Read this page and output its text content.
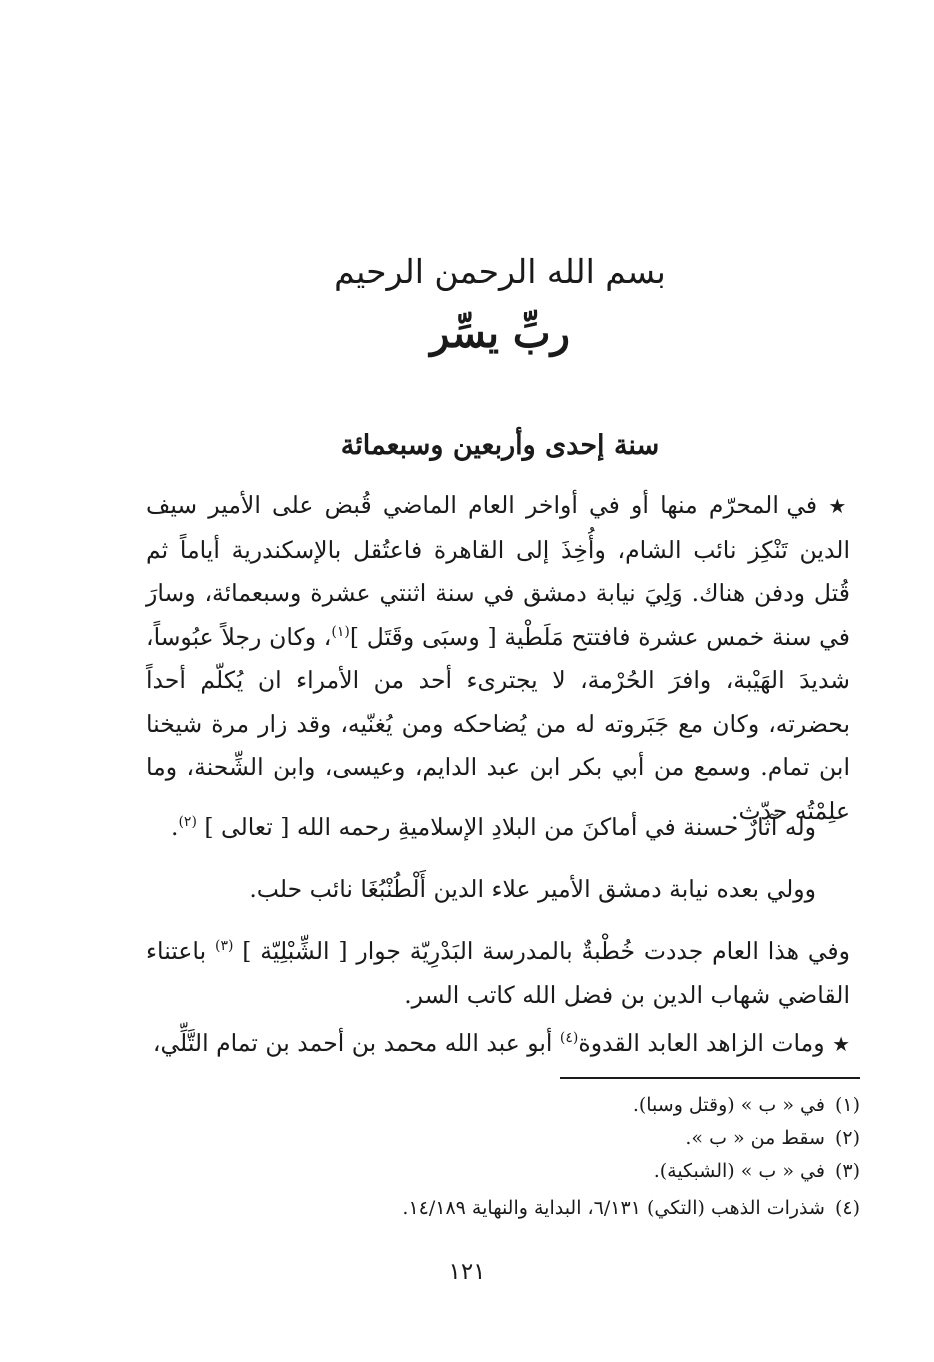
بسم الله الرحمن الرحيم
ربِّ يسِّر
سنة إحدى وأربعين وسبعمائة

★ في المحرّم منها أو في أواخر العام الماضي قُبض على الأمير سيف الدين تَنْكِز نائب الشام، وأُخِذَ إلى القاهرة فاعتُقل بالإسكندرية أياماً ثم قُتل ودفن هناك. وَلِيَ نيابة دمشق في سنة اثنتي عشرة وسبعمائة، وسارَ في سنة خمس عشرة فافتتح مَلَطْية [ وسبَى وقَتَل ]$^{(١)}$، وكان رجلاً عبُوساً، شديدَ الهَيْبة، وافرَ الحُرْمة، لا يجترىء أحد من الأمراء ان يُكلّم أحداً بحضرته، وكان مع جَبَروته له من يُضاحكه ومن يُغنّيه، وقد زار مرة شيخنا ابن تمام. وسمع من أبي بكر ابن عبد الدايم، وعيسى، وابن الشِّحنة، وما علِمْتُه حدّث.

وله آثارٌ حسنة في أماكنَ من البلادِ الإسلاميةِ رحمه الله [ تعالى ] $^{(٢)}$.

وولي بعده نيابة دمشق الأمير علاء الدين أَلْطُنْبُغَا نائب حلب.

وفي هذا العام جددت خُطْبةٌ بالمدرسة البَدْرِيّة جوار [ الشِّبْلِيّة ] $^{(٣)}$ باعتناء القاضي شهاب الدين بن فضل الله كاتب السر.

★ ومات الزاهد العابد القدوة$^{(٤)}$ أبو عبد الله محمد بن أحمد بن تمام التَّلِّي،

(١)في « ب » (وقتل وسبا).

(٢)سقط من « ب ».

(٣)في « ب » (الشبكية).

(٤)شذرات الذهب (التكي) ٦/١٣١، البداية والنهاية ١٤/١٨٩.

١٢١
